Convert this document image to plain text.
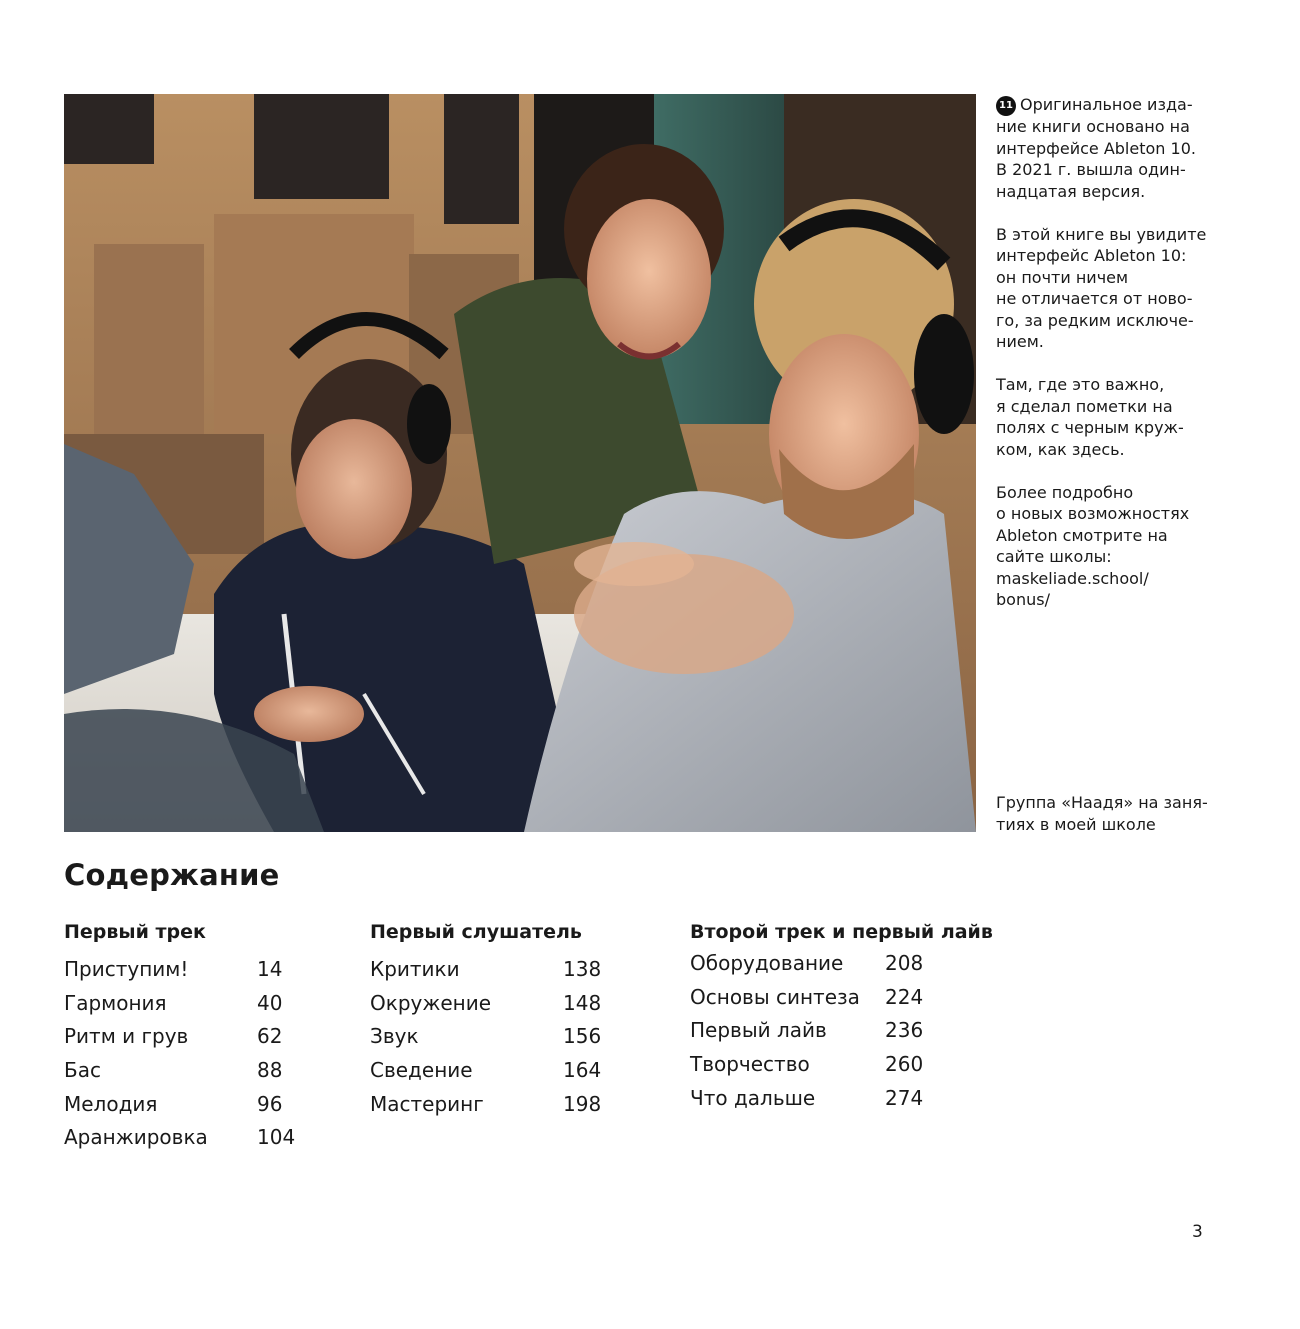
11 Оригинальное изда-
ние книги основано на
интерфейсе Ableton 10.
В 2021 г. вышла один-
надцатая версия.

В этой книге вы увидите
интерфейс Ableton 10:
он почти ничем
не отличается от ново-
го, за редким исключе-
нием.

Там, где это важно,
я сделал пометки на
полях с черным круж-
ком, как здесь.

Более подробно
о новых возможностях
Ableton смотрите на
сайте школы:
maskeliade.school/
bonus/

Группа «Наадя» на заня-
тиях в моей школе
Содержание
Первый трек
Приступим!	14
Гармония	40
Ритм и грув	62
Бас	88
Мелодия	96
Аранжировка	104
Первый слушатель
Критики	138
Окружение	148
Звук	156
Сведение	164
Мастеринг	198
Второй трек и первый лайв
Оборудование	208
Основы синтеза	224
Первый лайв	236
Творчество	260
Что дальше	274
3
